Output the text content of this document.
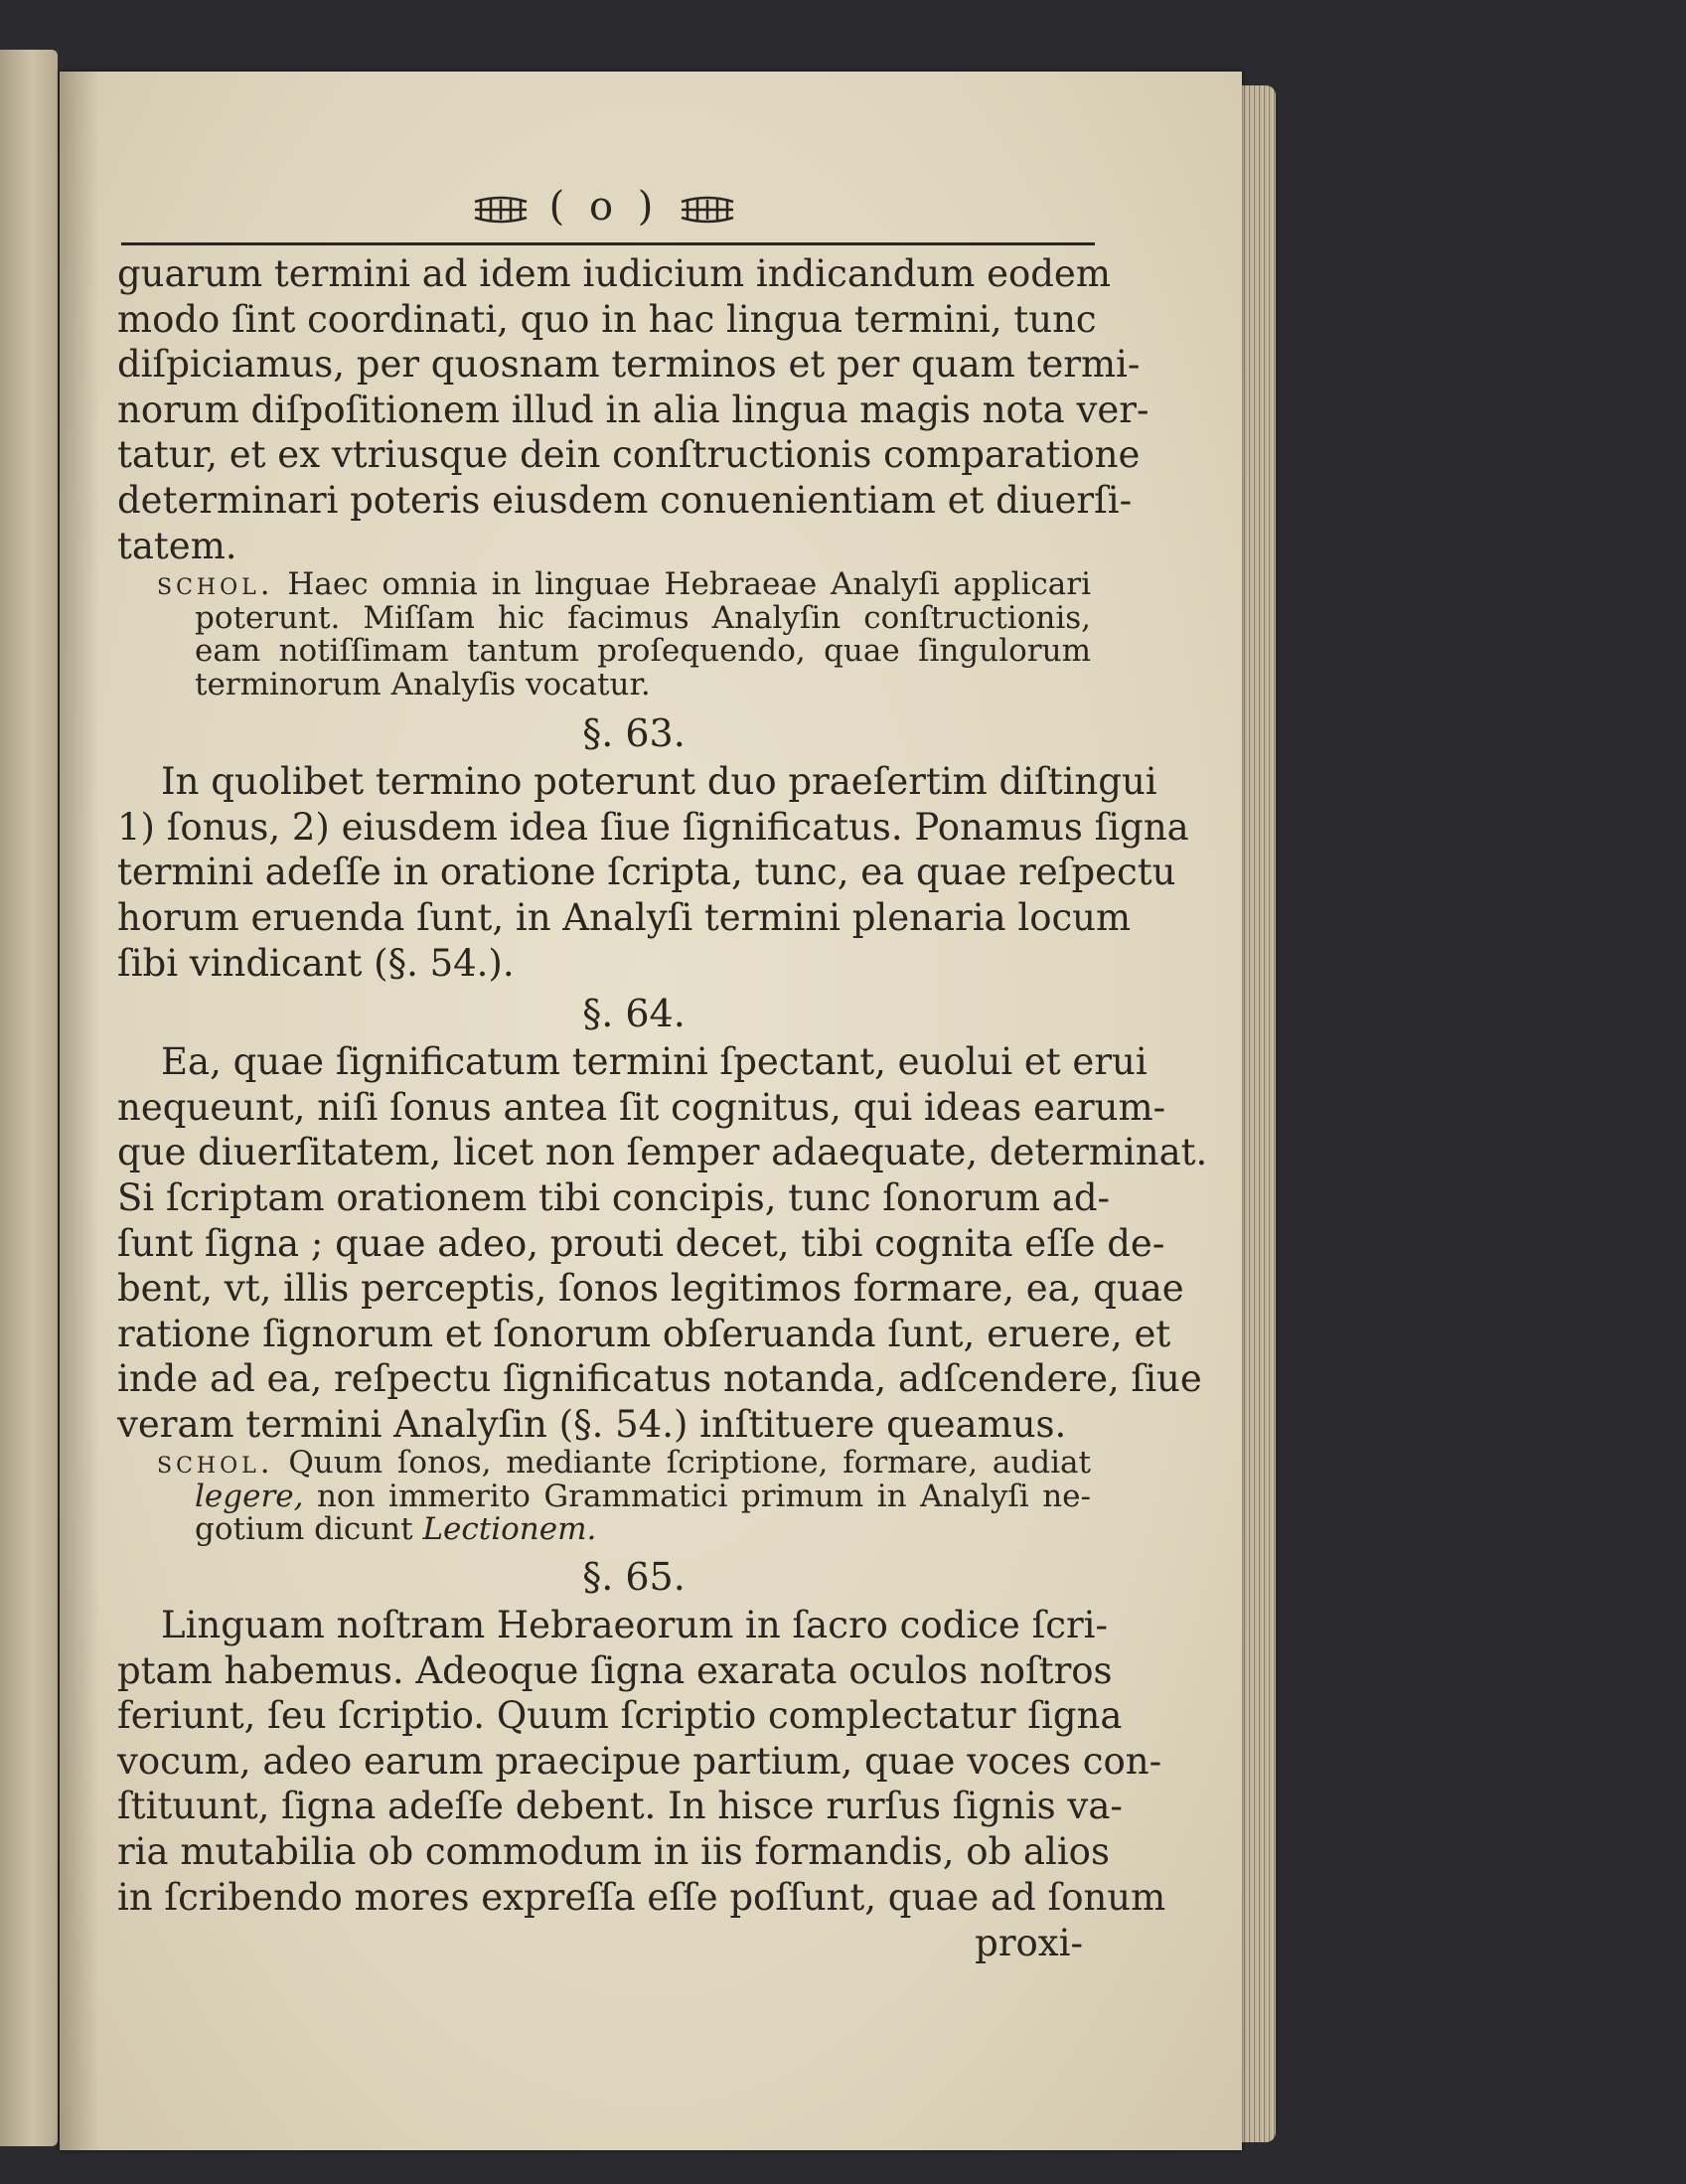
( o )

guarum termini ad idem iudicium indicandum eodem
modo ſint coordinati, quo in hac lingua termini, tunc
diſpiciamus, per quosnam terminos et per quam termi-
norum diſpoſitionem illud in alia lingua magis nota ver-
tatur, et ex vtriusque dein conſtructionis comparatione
determinari poteris eiusdem conuenientiam et diuerſi-
tatem.

schol. Haec omnia in linguae Hebraeae Analyſi applicari
poterunt. Miſſam hic facimus Analyſin conſtructionis,
eam notiſſimam tantum proſequendo, quae ſingulorum
terminorum Analyſis vocatur.

§. 63.

In quolibet termino poterunt duo praeſertim diſtingui
1) ſonus, 2) eiusdem idea ſiue ſignificatus. Ponamus ſigna
termini adeſſe in oratione ſcripta, tunc, ea quae reſpectu
horum eruenda ſunt, in Analyſi termini plenaria locum
ſibi vindicant (§. 54.).

§. 64.

Ea, quae ſignificatum termini ſpectant, euolui et erui
nequeunt, niſi ſonus antea ſit cognitus, qui ideas earum-
que diuerſitatem, licet non ſemper adaequate, determinat.
Si ſcriptam orationem tibi concipis, tunc ſonorum ad-
ſunt ſigna ; quae adeo, prouti decet, tibi cognita eſſe de-
bent, vt, illis perceptis, ſonos legitimos formare, ea, quae
ratione ſignorum et ſonorum obſeruanda ſunt, eruere, et
inde ad ea, reſpectu ſignificatus notanda, adſcendere, ſiue
veram termini Analyſin (§. 54.) inſtituere queamus.

schol. Quum ſonos, mediante ſcriptione, formare, audiat
legere, non immerito Grammatici primum in Analyſi ne-
gotium dicunt Lectionem.

§. 65.

Linguam noſtram Hebraeorum in ſacro codice ſcri-
ptam habemus. Adeoque ſigna exarata oculos noſtros
feriunt, ſeu ſcriptio. Quum ſcriptio complectatur ſigna
vocum, adeo earum praecipue partium, quae voces con-
ſtituunt, ſigna adeſſe debent. In hisce rurſus ſignis va-
ria mutabilia ob commodum in iis formandis, ob alios
in ſcribendo mores expreſſa eſſe poſſunt, quae ad ſonum

proxi-
